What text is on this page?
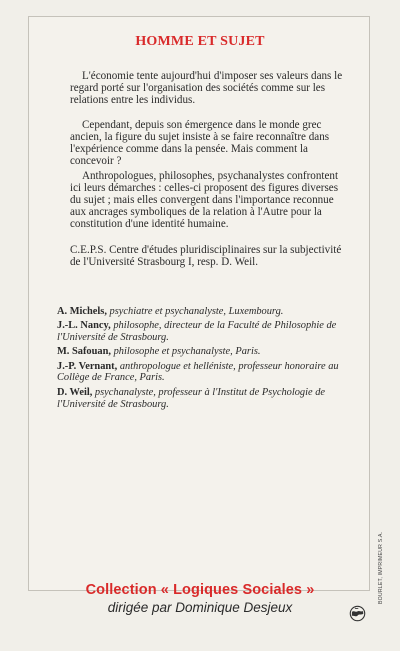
HOMME ET SUJET

L'économie tente aujourd'hui d'imposer ses valeurs dans le regard porté sur l'organisation des sociétés comme sur les relations entre les individus.

Cependant, depuis son émergence dans le monde grec ancien, la figure du sujet insiste à se faire reconnaître dans l'expérience comme dans la pensée. Mais comment la concevoir ?

Anthropologues, philosophes, psychanalystes confrontent ici leurs démarches : celles-ci proposent des figures diverses du sujet ; mais elles convergent dans l'importance reconnue aux ancrages symboliques de la relation à l'Autre pour la constitution d'une identité humaine.

C.E.P.S. Centre d'études pluridisciplinaires sur la subjectivité de l'Université Strasbourg I, resp. D. Weil.

A. Michels, psychiatre et psychanalyste, Luxembourg.
J.-L. Nancy, philosophe, directeur de la Faculté de Philosophie de l'Université de Strasbourg.
M. Safouan, philosophe et psychanalyste, Paris.
J.-P. Vernant, anthropologue et helléniste, professeur honoraire au Collège de France, Paris.
D. Weil, psychanalyste, professeur à l'Institut de Psychologie de l'Université de Strasbourg.
Collection « Logiques Sociales »
dirigée par Dominique Desjeux
BOURLET, IMPRIMEUR S.A.
